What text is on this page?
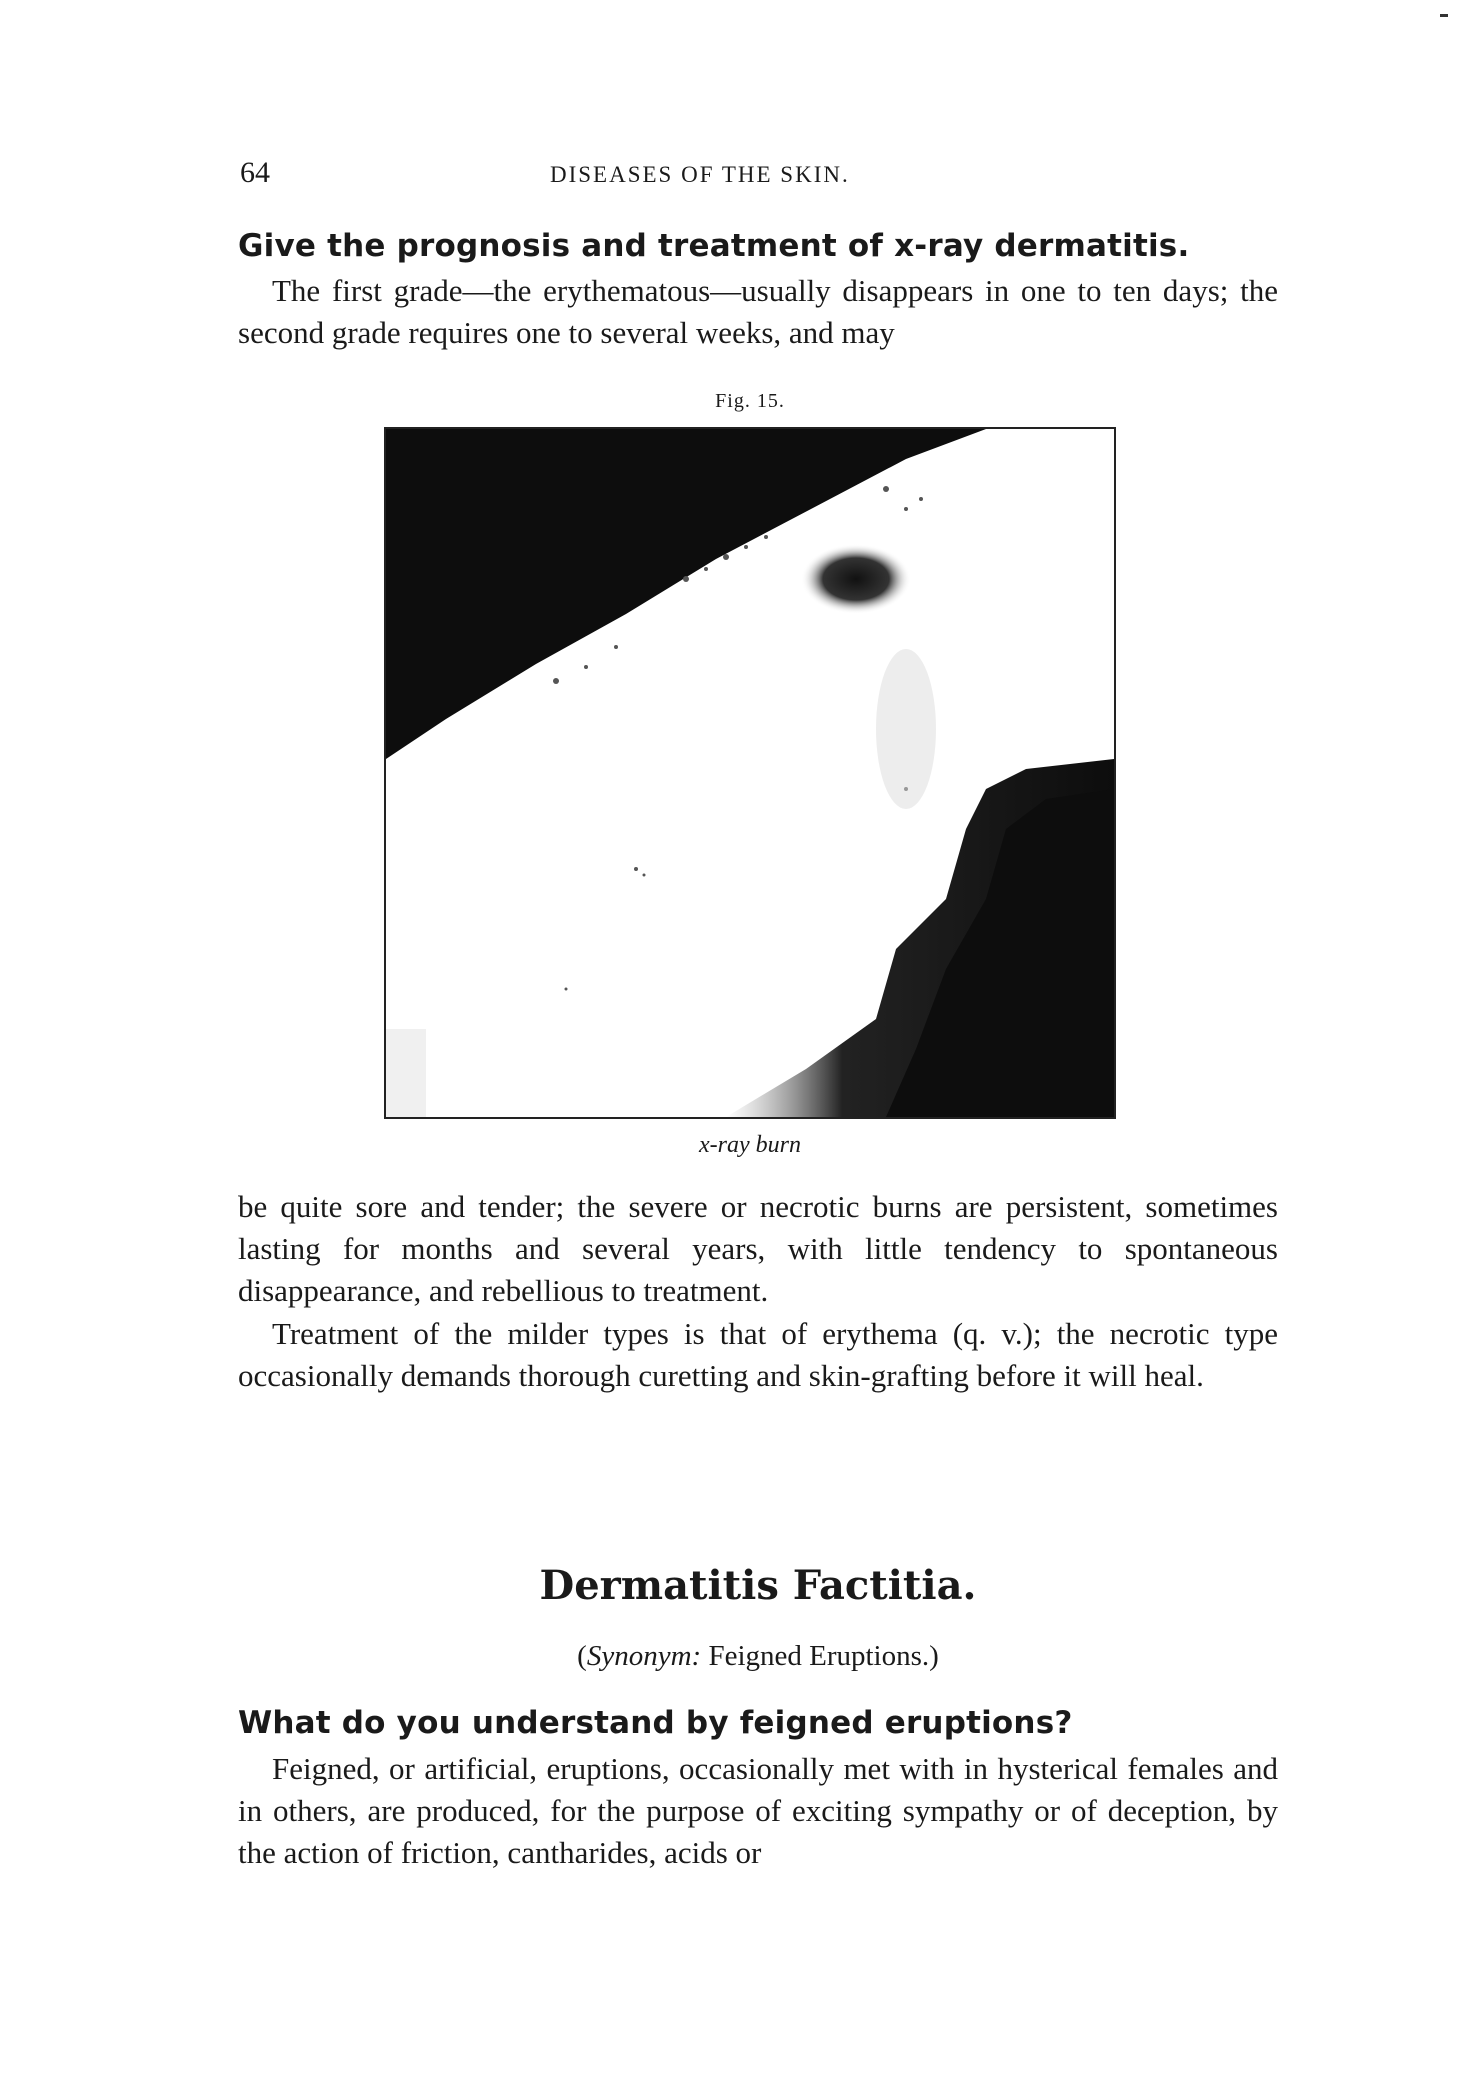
64	DISEASES OF THE SKIN.
Give the prognosis and treatment of x-ray dermatitis.
The first grade—the erythematous—usually disappears in one to ten days; the second grade requires one to several weeks, and may
Fig. 15.
x-ray burn
be quite sore and tender; the severe or necrotic burns are persistent, sometimes lasting for months and several years, with little tendency to spontaneous disappearance, and rebellious to treatment.
Treatment of the milder types is that of erythema (q. v.); the necrotic type occasionally demands thorough curetting and skin-grafting before it will heal.
Dermatitis Factitia.
(Synonym: Feigned Eruptions.)
What do you understand by feigned eruptions?
Feigned, or artificial, eruptions, occasionally met with in hysterical females and in others, are produced, for the purpose of exciting sympathy or of deception, by the action of friction, cantharides, acids or
